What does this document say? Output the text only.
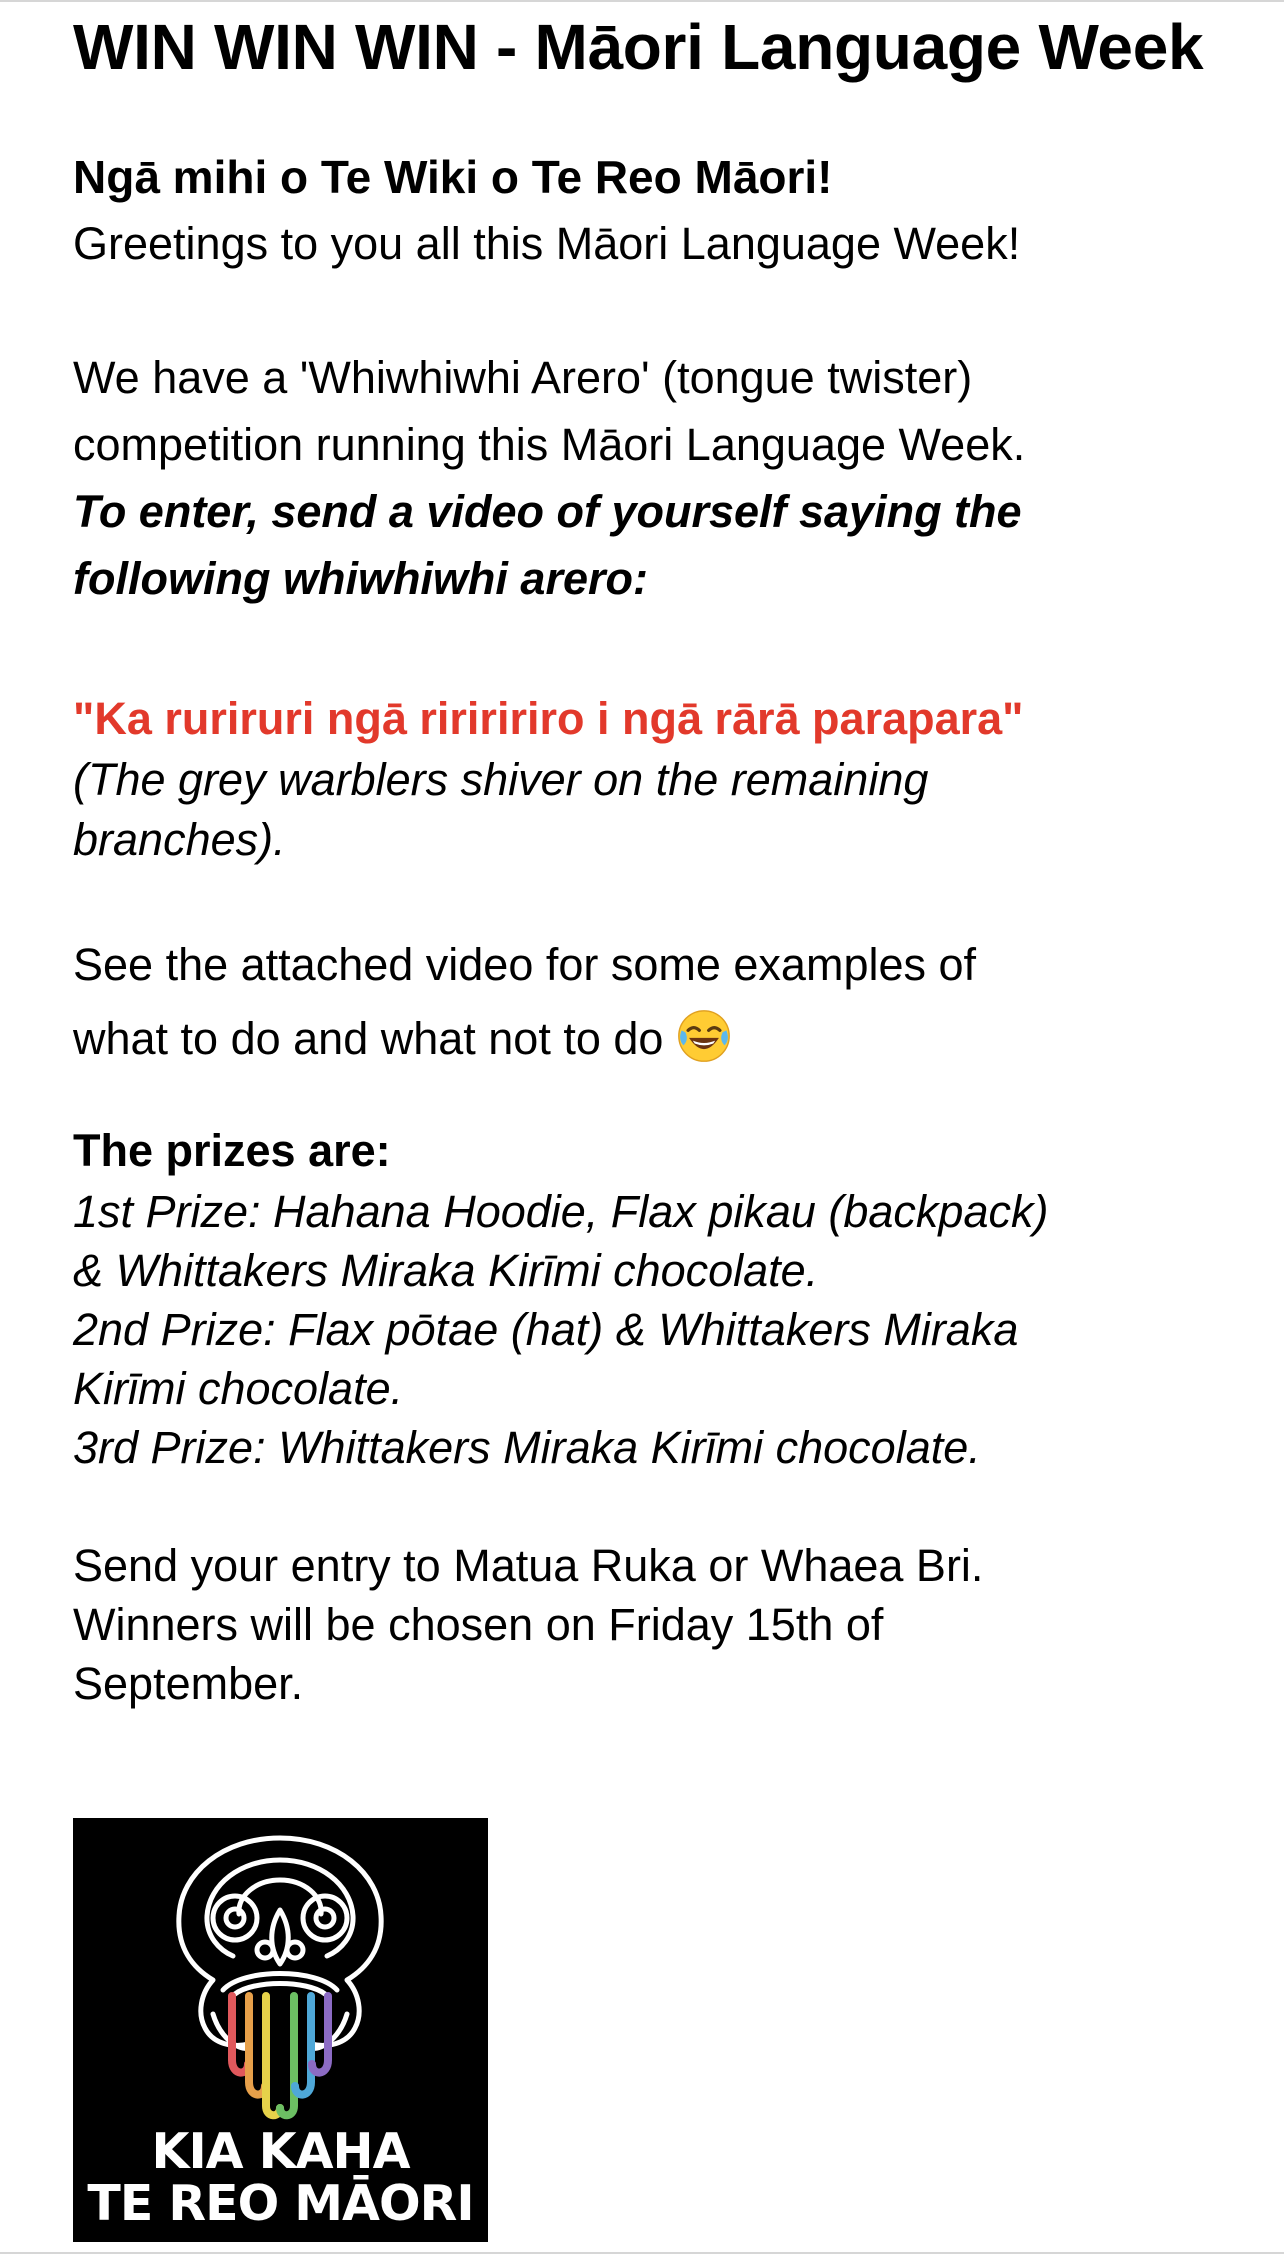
WIN WIN WIN - Māori Language Week

Ngā mihi o Te Wiki o Te Reo Māori!

Greetings to you all this Māori Language Week!

We have a 'Whiwhiwhi Arero' (tongue twister)

competition running this Māori Language Week.

To enter, send a video of yourself saying the

following whiwhiwhi arero:

"Ka ruriruri ngā ririririro i ngā rārā parapara"

(The grey warblers shiver on the remaining

branches).

See the attached video for some examples of

what to do and what not to do

The prizes are:

1st Prize: Hahana Hoodie, Flax pikau (backpack)

& Whittakers Miraka Kirīmi chocolate.

2nd Prize: Flax pōtae (hat) & Whittakers Miraka

Kirīmi chocolate.

3rd Prize: Whittakers Miraka Kirīmi chocolate.

Send your entry to Matua Ruka or Whaea Bri.

Winners will be chosen on Friday 15th of

September.

KIA KAHA
TE REO MĀORI
